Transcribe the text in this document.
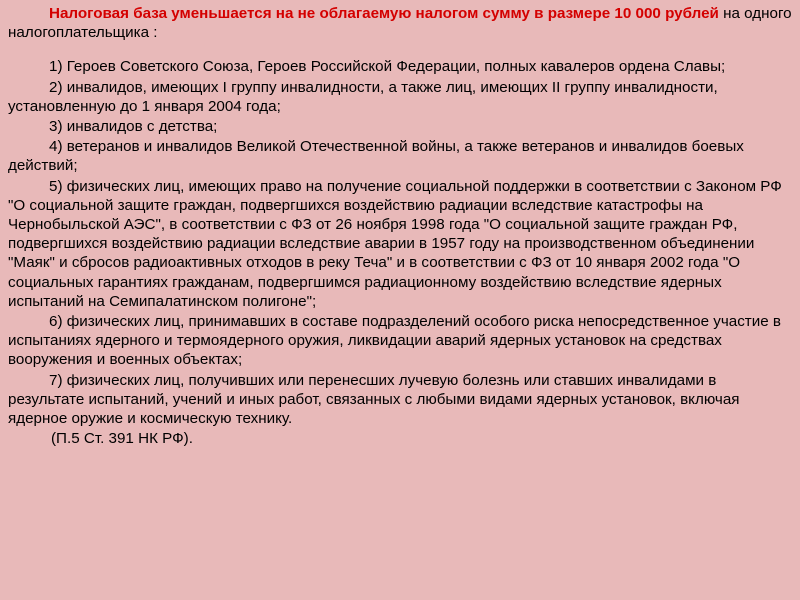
Налоговая база уменьшается на не облагаемую налогом сумму в размере 10 000 рублей на одного налогоплательщика :

1) Героев Советского Союза, Героев Российской Федерации, полных кавалеров ордена Славы;

2) инвалидов, имеющих I группу инвалидности, а также лиц, имеющих II группу инвалидности, установленную до 1 января 2004 года;

3) инвалидов с детства;

4) ветеранов и инвалидов Великой Отечественной войны, а также ветеранов и инвалидов боевых действий;

5) физических лиц, имеющих право на получение социальной поддержки в соответствии с Законом РФ "О социальной защите граждан, подвергшихся воздействию радиации вследствие катастрофы на Чернобыльской АЭС", в соответствии с ФЗ от 26 ноября 1998 года "О социальной защите граждан РФ, подвергшихся воздействию радиации вследствие аварии в 1957 году на производственном объединении "Маяк" и сбросов радиоактивных отходов в реку Теча" и в соответствии с ФЗ от 10 января 2002 года "О социальных гарантиях гражданам, подвергшимся радиационному воздействию вследствие ядерных испытаний на Семипалатинском полигоне";

6) физических лиц, принимавших в составе подразделений особого риска непосредственное участие в испытаниях ядерного и термоядерного оружия, ликвидации аварий ядерных установок на средствах вооружения и военных объектах;

7) физических лиц, получивших или перенесших лучевую болезнь или ставших инвалидами в результате испытаний, учений и иных работ, связанных с любыми видами ядерных установок, включая ядерное оружие и космическую технику.

(П.5 Ст. 391 НК РФ).
